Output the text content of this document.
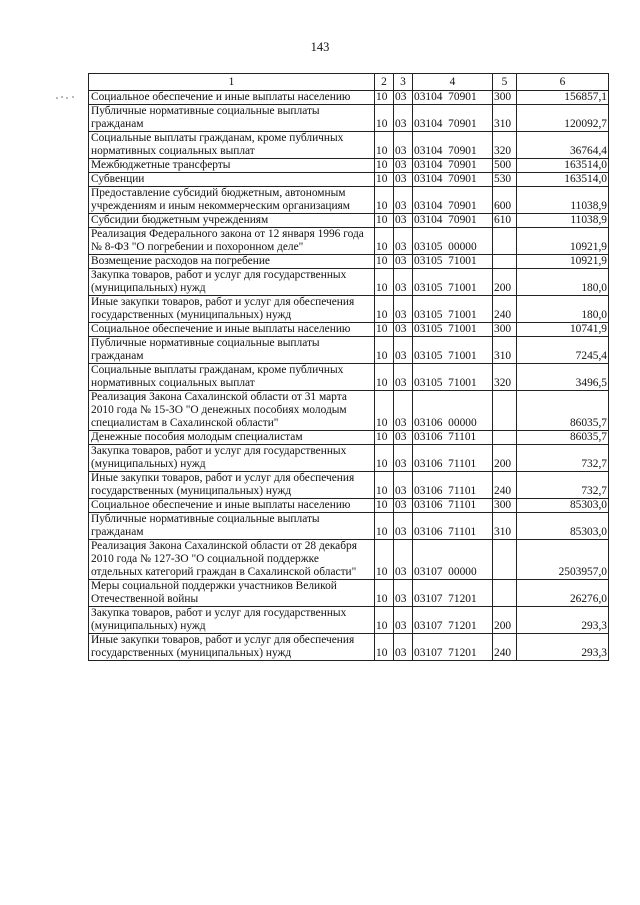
143
1	2	3	4	5	6
Социальное обеспечение и иные выплаты населению	10	03	03104  70901	300	156857,1
Публичные нормативные социальные выплаты гражданам	10	03	03104  70901	310	120092,7
Социальные выплаты гражданам, кроме публичных нормативных социальных выплат	10	03	03104  70901	320	36764,4
Межбюджетные трансферты	10	03	03104  70901	500	163514,0
Субвенции	10	03	03104  70901	530	163514,0
Предоставление субсидий бюджетным, автономным учреждениям и иным некоммерческим организациям	10	03	03104  70901	600	11038,9
Субсидии бюджетным учреждениям	10	03	03104  70901	610	11038,9
Реализация Федерального закона от 12 января 1996 года № 8-ФЗ "О погребении и похоронном деле"	10	03	03105  00000		10921,9
Возмещение расходов на погребение	10	03	03105  71001		10921,9
Закупка товаров, работ и услуг для государственных (муниципальных) нужд	10	03	03105  71001	200	180,0
Иные закупки товаров, работ и услуг для обеспечения государственных (муниципальных) нужд	10	03	03105  71001	240	180,0
Социальное обеспечение и иные выплаты населению	10	03	03105  71001	300	10741,9
Публичные нормативные социальные выплаты гражданам	10	03	03105  71001	310	7245,4
Социальные выплаты гражданам, кроме публичных нормативных социальных выплат	10	03	03105  71001	320	3496,5
Реализация Закона Сахалинской области от 31 марта 2010 года № 15-ЗО "О денежных пособиях молодым специалистам в Сахалинской области"	10	03	03106  00000		86035,7
Денежные пособия молодым специалистам	10	03	03106  71101		86035,7
Закупка товаров, работ и услуг для государственных (муниципальных) нужд	10	03	03106  71101	200	732,7
Иные закупки товаров, работ и услуг для обеспечения государственных (муниципальных) нужд	10	03	03106  71101	240	732,7
Социальное обеспечение и иные выплаты населению	10	03	03106  71101	300	85303,0
Публичные нормативные социальные выплаты гражданам	10	03	03106  71101	310	85303,0
Реализация Закона Сахалинской области от 28 декабря 2010 года № 127-ЗО "О социальной поддержке отдельных категорий граждан в Сахалинской области"	10	03	03107  00000		2503957,0
Меры социальной поддержки участников Великой Отечественной войны	10	03	03107  71201		26276,0
Закупка товаров, работ и услуг для государственных (муниципальных) нужд	10	03	03107  71201	200	293,3
Иные закупки товаров, работ и услуг для обеспечения государственных (муниципальных) нужд	10	03	03107  71201	240	293,3
